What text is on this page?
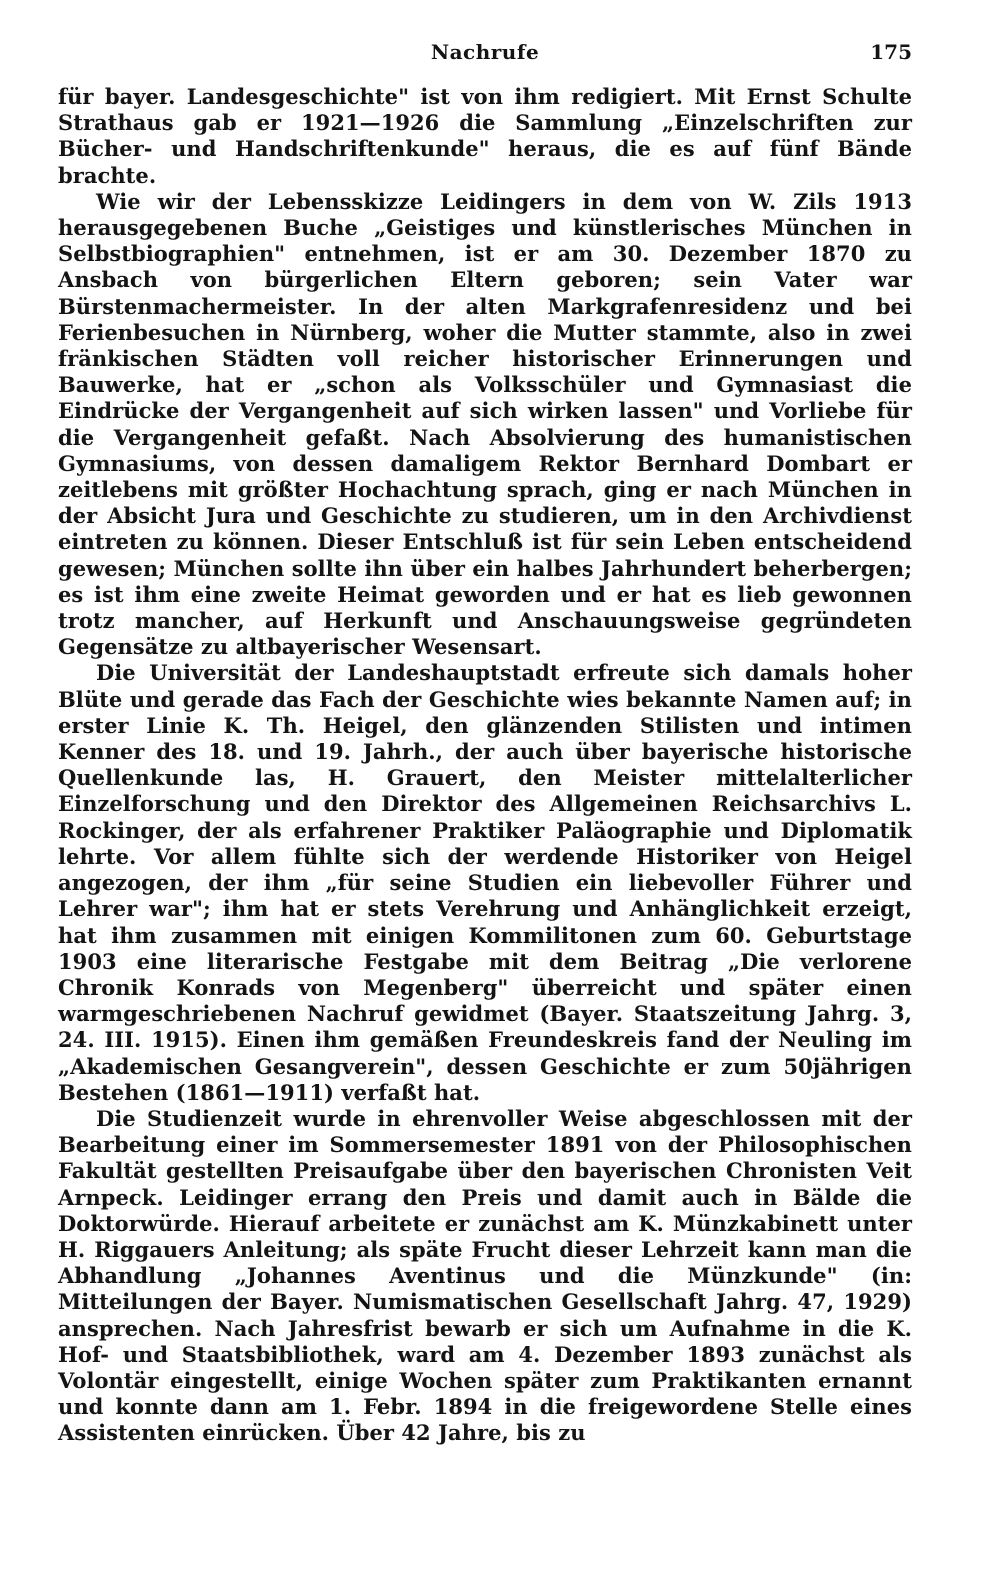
Nachrufe	175

für bayer. Landesgeschichte" ist von ihm redigiert. Mit Ernst Schulte Strathaus gab er 1921—1926 die Sammlung „Einzelschriften zur Bücher- und Handschriftenkunde" heraus, die es auf fünf Bände brachte.

Wie wir der Lebensskizze Leidingers in dem von W. Zils 1913 herausgegebenen Buche „Geistiges und künstlerisches München in Selbstbiographien" entnehmen, ist er am 30. Dezember 1870 zu Ansbach von bürgerlichen Eltern geboren; sein Vater war Bürstenmachermeister. In der alten Markgrafenresidenz und bei Ferienbesuchen in Nürnberg, woher die Mutter stammte, also in zwei fränkischen Städten voll reicher historischer Erinnerungen und Bauwerke, hat er „schon als Volksschüler und Gymnasiast die Eindrücke der Vergangenheit auf sich wirken lassen" und Vorliebe für die Vergangenheit gefaßt. Nach Absolvierung des humanistischen Gymnasiums, von dessen damaligem Rektor Bernhard Dombart er zeitlebens mit größter Hochachtung sprach, ging er nach München in der Absicht Jura und Geschichte zu studieren, um in den Archivdienst eintreten zu können. Dieser Entschluß ist für sein Leben entscheidend gewesen; München sollte ihn über ein halbes Jahrhundert beherbergen; es ist ihm eine zweite Heimat geworden und er hat es lieb gewonnen trotz mancher, auf Herkunft und Anschauungsweise gegründeten Gegensätze zu altbayerischer Wesensart.

Die Universität der Landeshauptstadt erfreute sich damals hoher Blüte und gerade das Fach der Geschichte wies bekannte Namen auf; in erster Linie K. Th. Heigel, den glänzenden Stilisten und intimen Kenner des 18. und 19. Jahrh., der auch über bayerische historische Quellenkunde las, H. Grauert, den Meister mittelalterlicher Einzelforschung und den Direktor des Allgemeinen Reichsarchivs L. Rockinger, der als erfahrener Praktiker Paläographie und Diplomatik lehrte. Vor allem fühlte sich der werdende Historiker von Heigel angezogen, der ihm „für seine Studien ein liebevoller Führer und Lehrer war"; ihm hat er stets Verehrung und Anhänglichkeit erzeigt, hat ihm zusammen mit einigen Kommilitonen zum 60. Geburtstage 1903 eine literarische Festgabe mit dem Beitrag „Die verlorene Chronik Konrads von Megenberg" überreicht und später einen warmgeschriebenen Nachruf gewidmet (Bayer. Staatszeitung Jahrg. 3, 24. III. 1915). Einen ihm gemäßen Freundeskreis fand der Neuling im „Akademischen Gesangverein", dessen Geschichte er zum 50jährigen Bestehen (1861—1911) verfaßt hat.

Die Studienzeit wurde in ehrenvoller Weise abgeschlossen mit der Bearbeitung einer im Sommersemester 1891 von der Philosophischen Fakultät gestellten Preisaufgabe über den bayerischen Chronisten Veit Arnpeck. Leidinger errang den Preis und damit auch in Bälde die Doktorwürde. Hierauf arbeitete er zunächst am K. Münzkabinett unter H. Riggauers Anleitung; als späte Frucht dieser Lehrzeit kann man die Abhandlung „Johannes Aventinus und die Münzkunde" (in: Mitteilungen der Bayer. Numismatischen Gesellschaft Jahrg. 47, 1929) ansprechen. Nach Jahresfrist bewarb er sich um Aufnahme in die K. Hof- und Staatsbibliothek, ward am 4. Dezember 1893 zunächst als Volontär eingestellt, einige Wochen später zum Praktikanten ernannt und konnte dann am 1. Febr. 1894 in die freigewordene Stelle eines Assistenten einrücken. Über 42 Jahre, bis zu
